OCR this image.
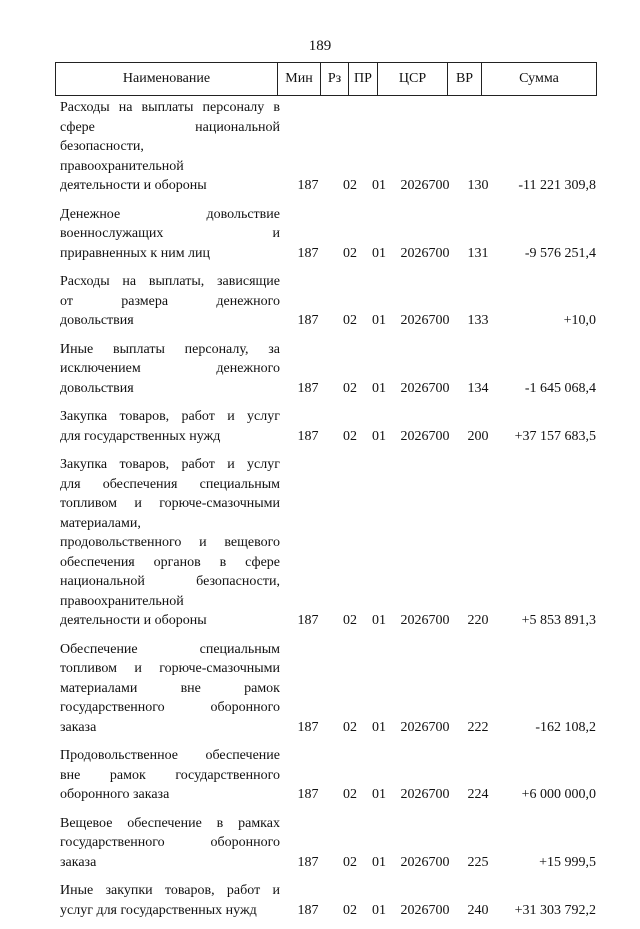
189
Наименование	Мин	Рз	ПР	ЦСР	ВР	Сумма
Расходы на выплаты персоналу в
сфере национальной
безопасности,
правоохранительной
деятельности и обороны	187	02	01	2026700	130	-11 221 309,8
Денежное довольствие
военнослужащих и
приравненных к ним лиц	187	02	01	2026700	131	-9 576 251,4
Расходы на выплаты, зависящие
от размера денежного
довольствия	187	02	01	2026700	133	+10,0
Иные выплаты персоналу, за
исключением денежного
довольствия	187	02	01	2026700	134	-1 645 068,4
Закупка товаров, работ и услуг
для государственных нужд	187	02	01	2026700	200	+37 157 683,5
Закупка товаров, работ и услуг
для обеспечения специальным
топливом и горюче-смазочными
материалами,
продовольственного и вещевого
обеспечения органов в сфере
национальной безопасности,
правоохранительной
деятельности и обороны	187	02	01	2026700	220	+5 853 891,3
Обеспечение специальным
топливом и горюче-смазочными
материалами вне рамок
государственного оборонного
заказа	187	02	01	2026700	222	-162 108,2
Продовольственное обеспечение
вне рамок государственного
оборонного заказа	187	02	01	2026700	224	+6 000 000,0
Вещевое обеспечение в рамках
государственного оборонного
заказа	187	02	01	2026700	225	+15 999,5
Иные закупки товаров, работ и
услуг для государственных нужд	187	02	01	2026700	240	+31 303 792,2
